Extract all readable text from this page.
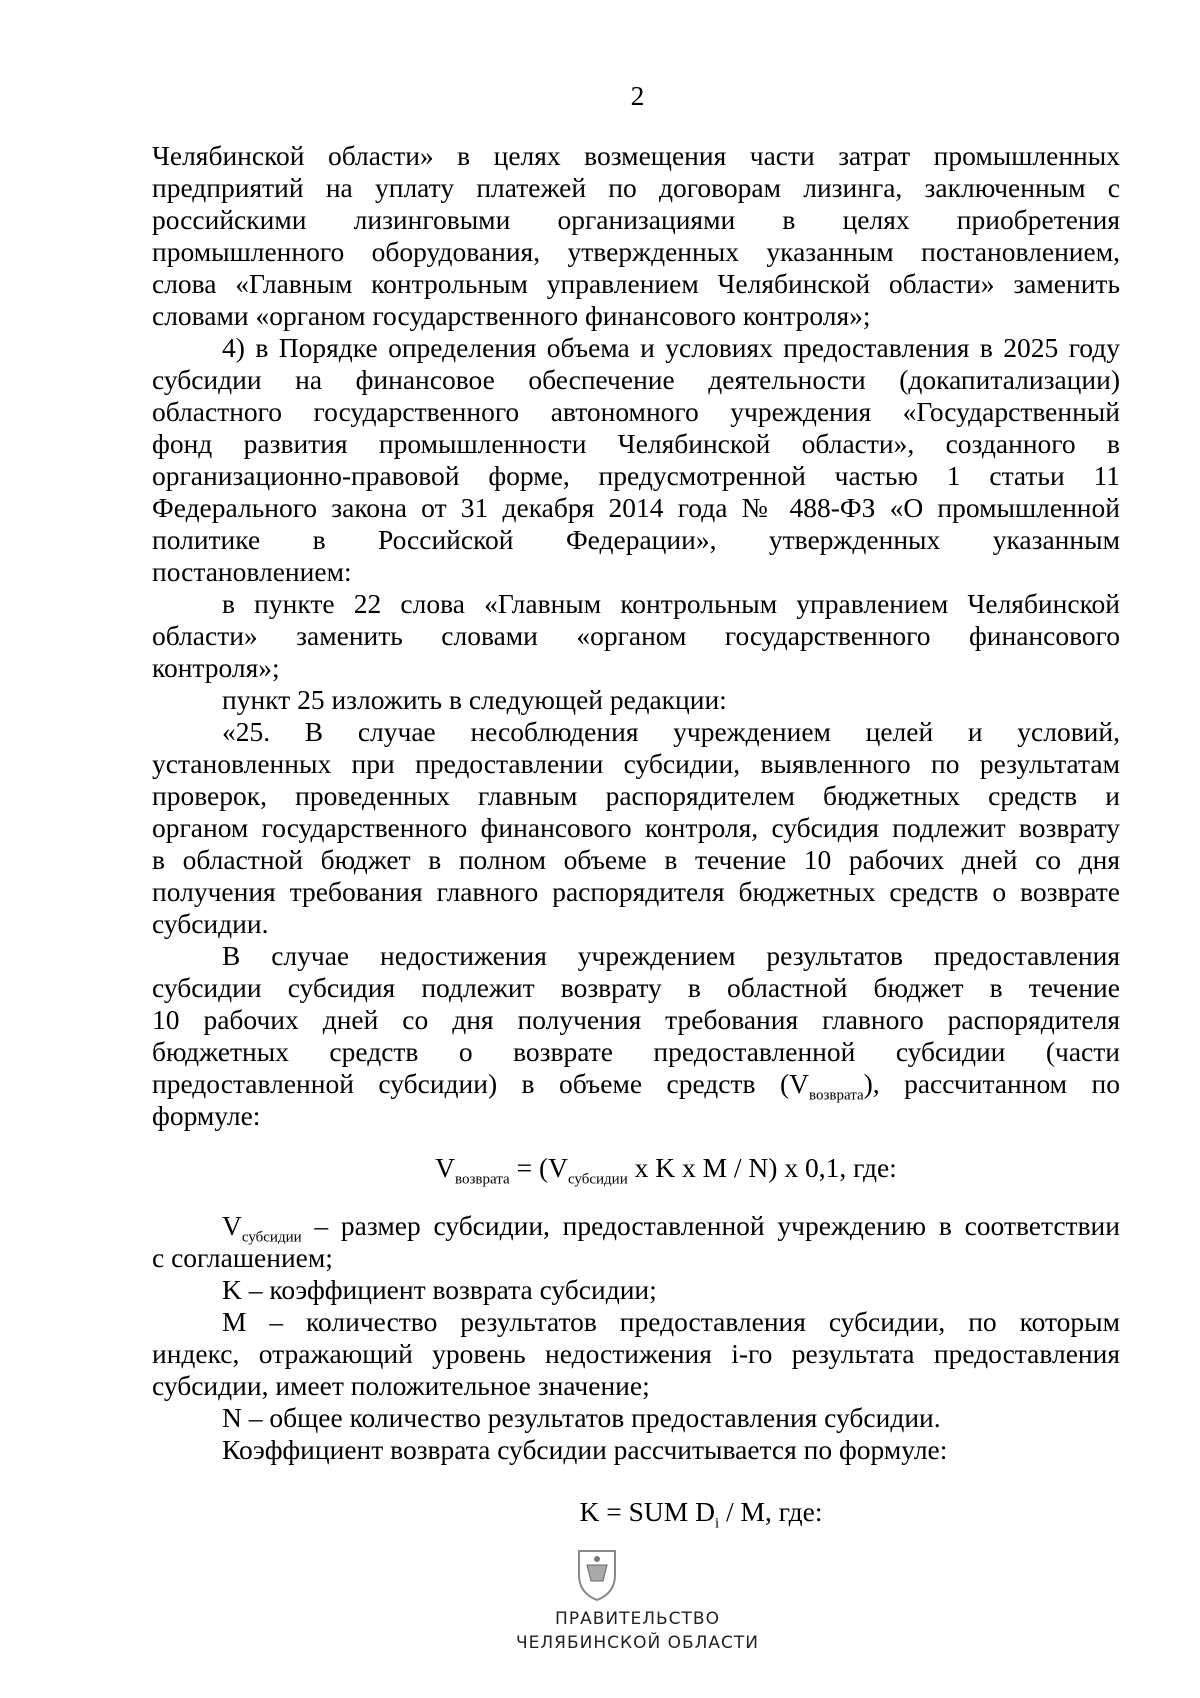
2
Челябинской области» в целях возмещения части затрат промышленных
предприятий на уплату платежей по договорам лизинга, заключенным с
российскими лизинговыми организациями в целях приобретения
промышленного оборудования, утвержденных указанным постановлением,
слова «Главным контрольным управлением Челябинской области» заменить
словами «органом государственного финансового контроля»;
4) в Порядке определения объема и условиях предоставления в 2025 году
субсидии на финансовое обеспечение деятельности (докапитализации)
областного государственного автономного учреждения «Государственный
фонд развития промышленности Челябинской области», созданного в
организационно-правовой форме, предусмотренной частью 1 статьи 11
Федерального закона от 31 декабря 2014 года № 488-ФЗ «О промышленной
политике в Российской Федерации», утвержденных указанным
постановлением:
в пункте 22 слова «Главным контрольным управлением Челябинской
области» заменить словами «органом государственного финансового
контроля»;
пункт 25 изложить в следующей редакции:
«25. В случае несоблюдения учреждением целей и условий,
установленных при предоставлении субсидии, выявленного по результатам
проверок, проведенных главным распорядителем бюджетных средств и
органом государственного финансового контроля, субсидия подлежит возврату
в областной бюджет в полном объеме в течение 10 рабочих дней со дня
получения требования главного распорядителя бюджетных средств о возврате
субсидии.
В случае недостижения учреждением результатов предоставления
субсидии субсидия подлежит возврату в областной бюджет в течение
10 рабочих дней со дня получения требования главного распорядителя
бюджетных средств о возврате предоставленной субсидии (части
предоставленной субсидии) в объеме средств $(V_{возврата})$, рассчитанном по
формуле:
$V_{возврата} = (V_{субсидии}$ x K x M / N) x 0,1, где:
$V_{субсидии}$ – размер субсидии, предоставленной учреждению в соответствии
с соглашением;
K – коэффициент возврата субсидии;
M – количество результатов предоставления субсидии, по которым
индекс, отражающий уровень недостижения i-го результата предоставления
субсидии, имеет положительное значение;
N – общее количество результатов предоставления субсидии.
Коэффициент возврата субсидии рассчитывается по формуле:
K = SUM $D_i$ / M, где:
ПРАВИТЕЛЬСТВО
ЧЕЛЯБИНСКОЙ ОБЛАСТИ
